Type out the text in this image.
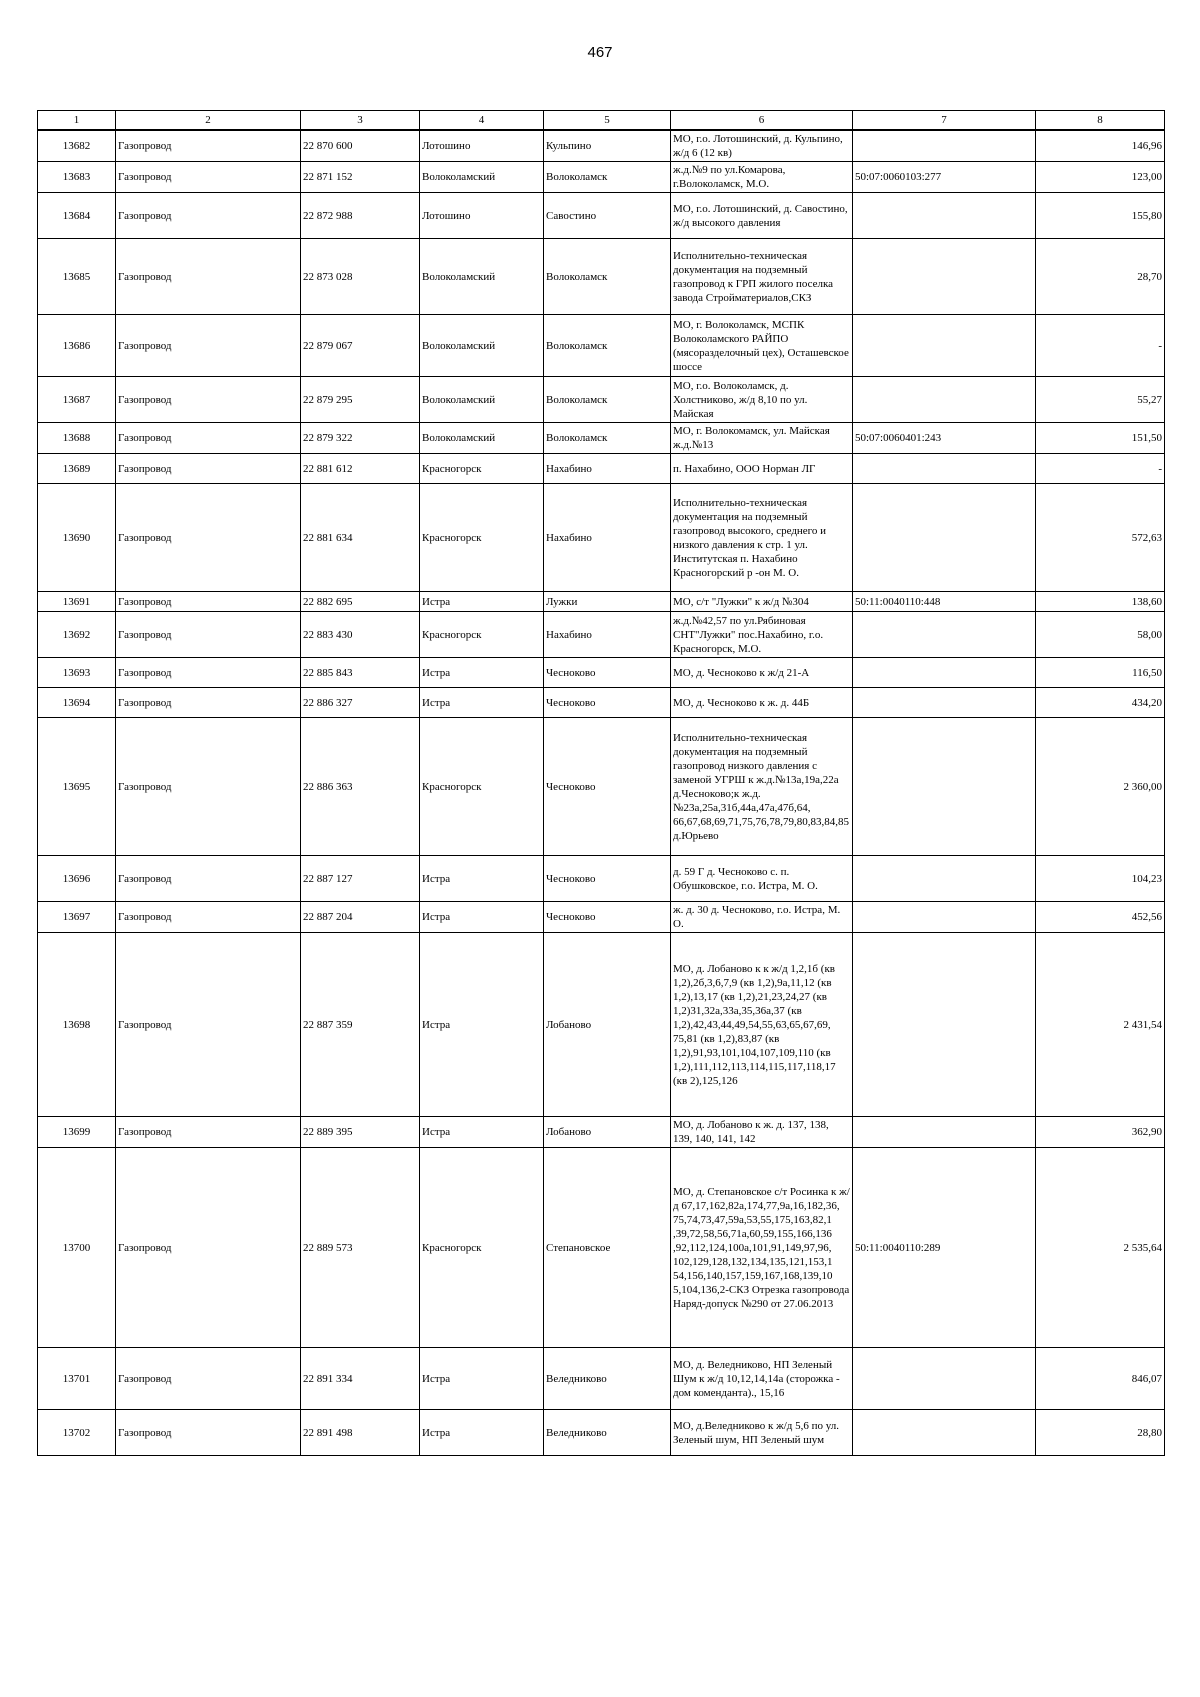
467
1	2	3	4	5	6	7	8
13682	Газопровод	22 870 600	Лотошино	Кульпино	МО, г.о. Лотошинский, д. Кульпино, ж/д 6 (12 кв)		146,96
13683	Газопровод	22 871 152	Волоколамский	Волоколамск	ж.д.№9 по ул.Комарова, г.Волоколамск, М.О.	50:07:0060103:277	123,00
13684	Газопровод	22 872 988	Лотошино	Савостино	МО, г.о. Лотошинский, д. Савостино, ж/д высокого давления		155,80
13685	Газопровод	22 873 028	Волоколамский	Волоколамск	Исполнительно-техническая документация на подземный газопровод к ГРП жилого поселка завода Стройматериалов,СКЗ		28,70
13686	Газопровод	22 879 067	Волоколамский	Волоколамск	МО, г. Волоколамск, МСПК Волоколамского РАЙПО (мясоразделочный цех), Осташевское шоссе		-
13687	Газопровод	22 879 295	Волоколамский	Волоколамск	МО, г.о. Волоколамск, д. Холстниково, ж/д 8,10 по ул. Майская		55,27
13688	Газопровод	22 879 322	Волоколамский	Волоколамск	МО, г. Волокомамск, ул. Майская ж.д.№13	50:07:0060401:243	151,50
13689	Газопровод	22 881 612	Красногорск	Нахабино	п. Нахабино, ООО Норман ЛГ		-
13690	Газопровод	22 881 634	Красногорск	Нахабино	Исполнительно-техническая документация на подземный газопровод высокого, среднего и низкого давления к стр. 1 ул. Институтская п. Нахабино Красногорский р -он М. О.		572,63
13691	Газопровод	22 882 695	Истра	Лужки	МО, с/т "Лужки" к ж/д №304	50:11:0040110:448	138,60
13692	Газопровод	22 883 430	Красногорск	Нахабино	ж.д.№42,57 по ул.Рябиновая СНТ"Лужки" пос.Нахабино, г.о. Красногорск, М.О.		58,00
13693	Газопровод	22 885 843	Истра	Чесноково	МО, д. Чесноково к ж/д 21-А		116,50
13694	Газопровод	22 886 327	Истра	Чесноково	МО, д. Чесноково к ж. д. 44Б		434,20
13695	Газопровод	22 886 363	Красногорск	Чесноково	Исполнительно-техническая документация на подземный газопровод низкого давления с заменой УГРШ к ж.д.№13а,19а,22а д.Чесноково;к ж.д.№23а,25а,31б,44а,47а,47б,64, 66,67,68,69,71,75,76,78,79,80,83,84,85 д.Юрьево		2 360,00
13696	Газопровод	22 887 127	Истра	Чесноково	д. 59 Г д. Чесноково с. п. Обушковское, г.о. Истра, М. О.		104,23
13697	Газопровод	22 887 204	Истра	Чесноково	ж. д. 30 д. Чесноково, г.о. Истра, М. О.		452,56
13698	Газопровод	22 887 359	Истра	Лобаново	МО, д. Лобаново к к ж/д 1,2,1б (кв 1,2),2б,3,6,7,9 (кв 1,2),9а,11,12 (кв 1,2),13,17 (кв 1,2),21,23,24,27 (кв 1,2)31,32а,33а,35,36а,37 (кв 1,2),42,43,44,49,54,55,63,65,67,69, 75,81 (кв 1,2),83,87 (кв 1,2),91,93,101,104,107,109,110 (кв 1,2),111,112,113,114,115,117,118,17 (кв 2),125,126		2 431,54
13699	Газопровод	22 889 395	Истра	Лобаново	МО, д. Лобаново к ж. д. 137, 138, 139, 140, 141, 142		362,90
13700	Газопровод	22 889 573	Красногорск	Степановское	МО, д. Степановское с/т Росинка к ж/д 67,17,162,82а,174,77,9а,16,182,36, 75,74,73,47,59а,53,55,175,163,82,1 ,39,72,58,56,71а,60,59,155,166,136 ,92,112,124,100а,101,91,149,97,96, 102,129,128,132,134,135,121,153,1 54,156,140,157,159,167,168,139,10 5,104,136,2-СКЗ Отрезка газопровода Наряд-допуск №290 от 27.06.2013	50:11:0040110:289	2 535,64
13701	Газопровод	22 891 334	Истра	Веледниково	МО, д. Веледниково, НП Зеленый Шум к ж/д 10,12,14,14а (сторожка - дом коменданта)., 15,16		846,07
13702	Газопровод	22 891 498	Истра	Веледниково	МО, д.Веледниково к ж/д 5,6 по ул. Зеленый шум, НП Зеленый шум		28,80
